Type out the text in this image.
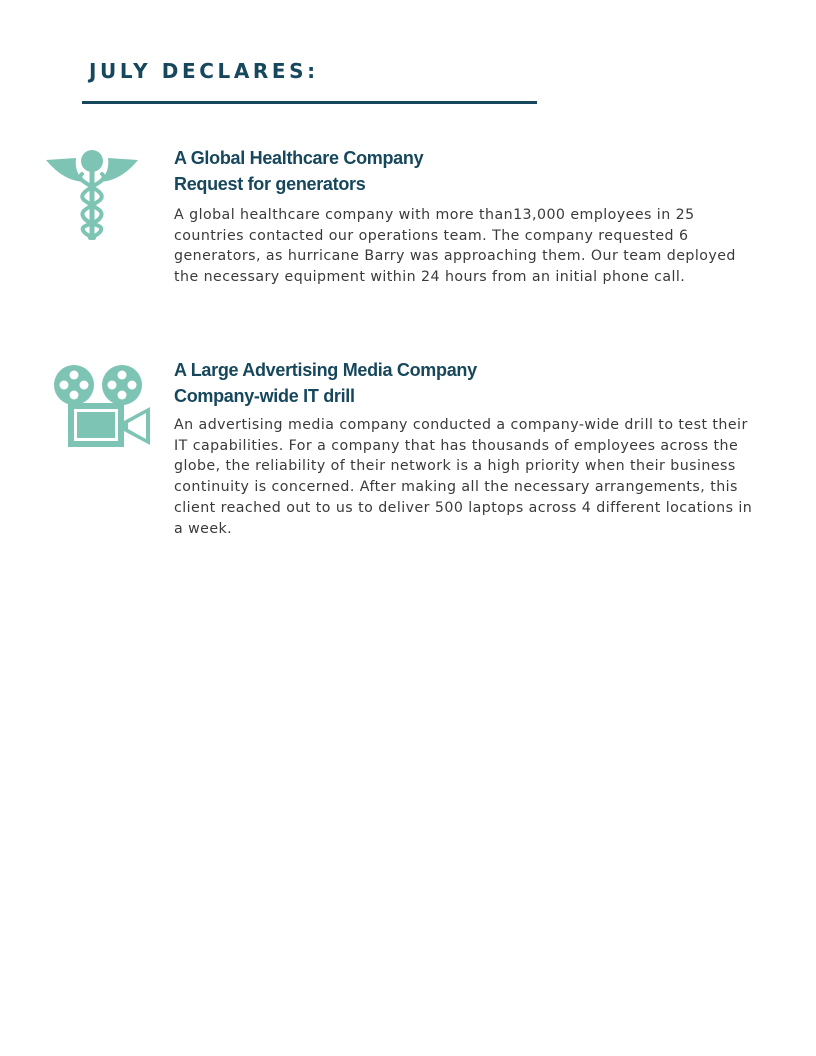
JULY DECLARES:
A Global Healthcare Company
Request for generators

A global healthcare company with more than13,000 employees in 25 countries contacted our operations team. The company requested 6 generators, as hurricane Barry was approaching them. Our team deployed the necessary equipment within 24 hours from an initial phone call.

A Large Advertising Media Company
Company-wide IT drill

An advertising media company conducted a company-wide drill to test their IT capabilities. For a company that has thousands of employees across the globe, the reliability of their network is a high priority when their business continuity is concerned. After making all the necessary arrangements, this client reached out to us to deliver 500 laptops across 4 different locations in a week.
